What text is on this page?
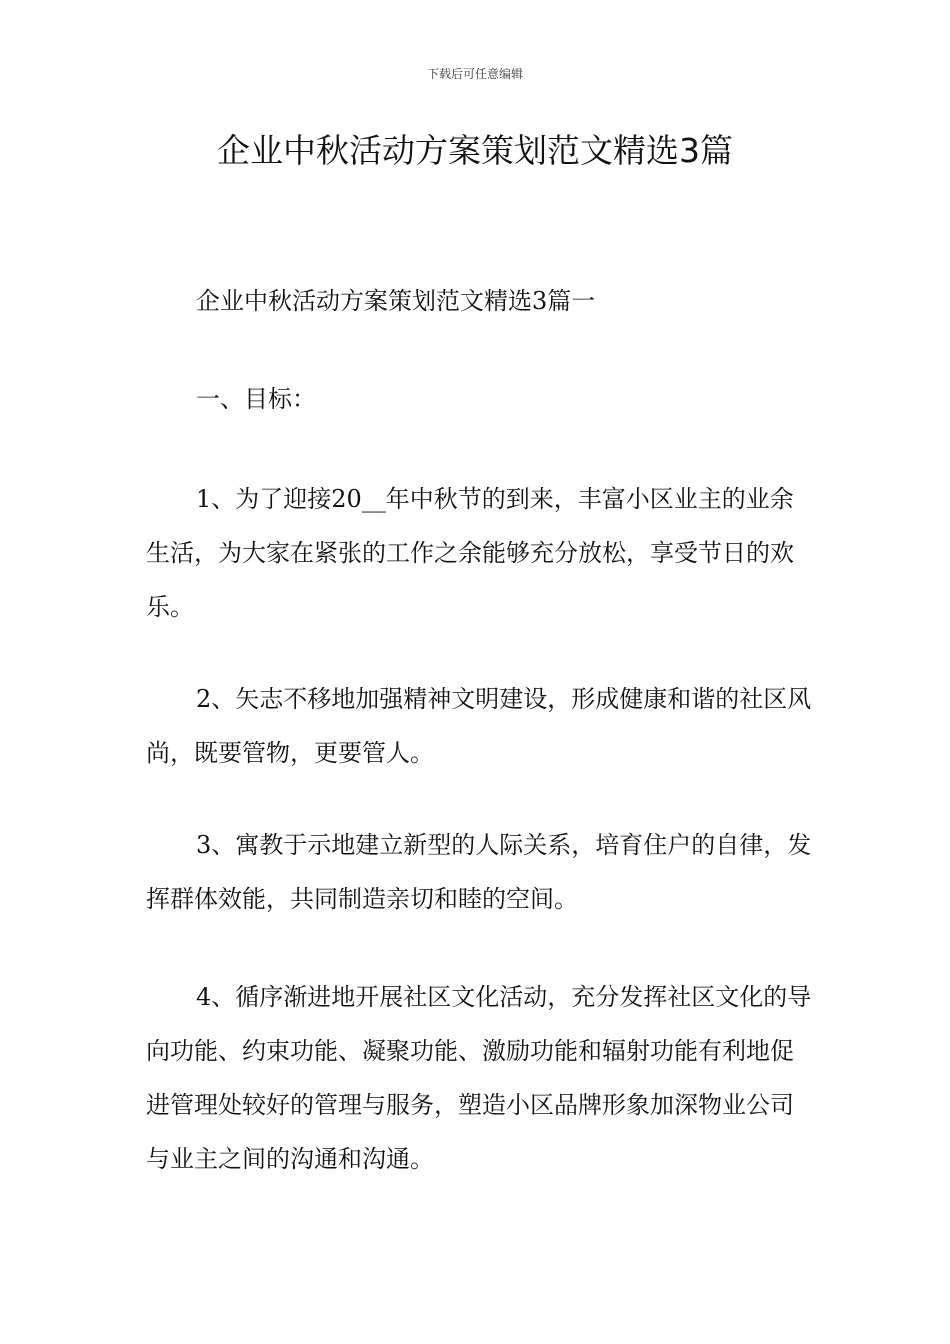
下载后可任意编辑
企业中秋活动方案策划范文精选3篇

企业中秋活动方案策划范文精选3篇一

一、目标：

1、为了迎接20__年中秋节的到来，丰富小区业主的业余生活，为大家在紧张的工作之余能够充分放松，享受节日的欢乐。

2、矢志不移地加强精神文明建设，形成健康和谐的社区风尚，既要管物，更要管人。

3、寓教于示地建立新型的人际关系，培育住户的自律，发挥群体效能，共同制造亲切和睦的空间。

4、循序渐进地开展社区文化活动，充分发挥社区文化的导向功能、约束功能、凝聚功能、激励功能和辐射功能有利地促进管理处较好的管理与服务，塑造小区品牌形象加深物业公司与业主之间的沟通和沟通。
